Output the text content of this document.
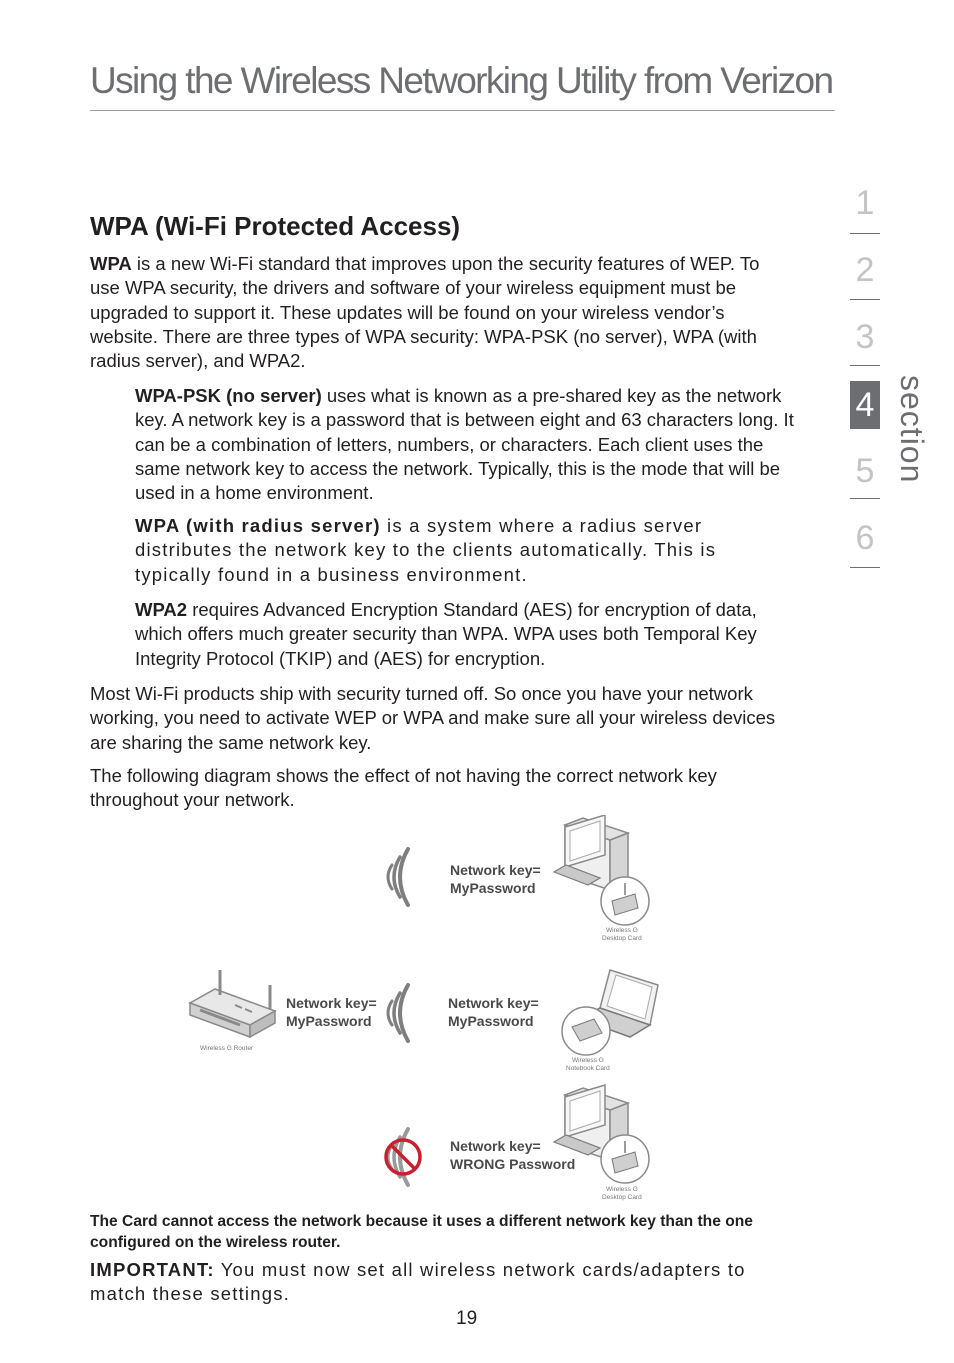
Using the Wireless Networking Utility from Verizon
1
2
3
4
5
6
section
WPA (Wi-Fi Protected Access)

WPA is a new Wi-Fi standard that improves upon the security features of WEP. To use WPA security, the drivers and software of your wireless equipment must be upgraded to support it. These updates will be found on your wireless vendor’s website. There are three types of WPA security: WPA-PSK (no server), WPA (with radius server), and WPA2.

WPA-PSK (no server) uses what is known as a pre-shared key as the network key. A network key is a password that is between eight and 63 characters long. It can be a combination of letters, numbers, or characters. Each client uses the same network key to access the network. Typically, this is the mode that will be used in a home environment.

WPA (with radius server) is a system where a radius server distributes the network key to the clients automatically. This is typically found in a business environment.

WPA2 requires Advanced Encryption Standard (AES) for encryption of data, which offers much greater security than WPA. WPA uses both Temporal Key Integrity Protocol (TKIP) and (AES) for encryption.

Most Wi-Fi products ship with security turned off. So once you have your network working, you need to activate WEP or WPA and make sure all your wireless devices are sharing the same network key.

The following diagram shows the effect of not having the correct network key throughout your network.

Network key=
MyPassword
Wireless G
Desktop Card
Network key=
MyPassword
Wireless G Router
Network key=
MyPassword
Wireless G
Notebook Card
Network key=
WRONG Password
Wireless G
Desktop Card

The Card cannot access the network because it uses a different network key than the one configured on the wireless router.

IMPORTANT: You must now set all wireless network cards/adapters to match these settings.

19
